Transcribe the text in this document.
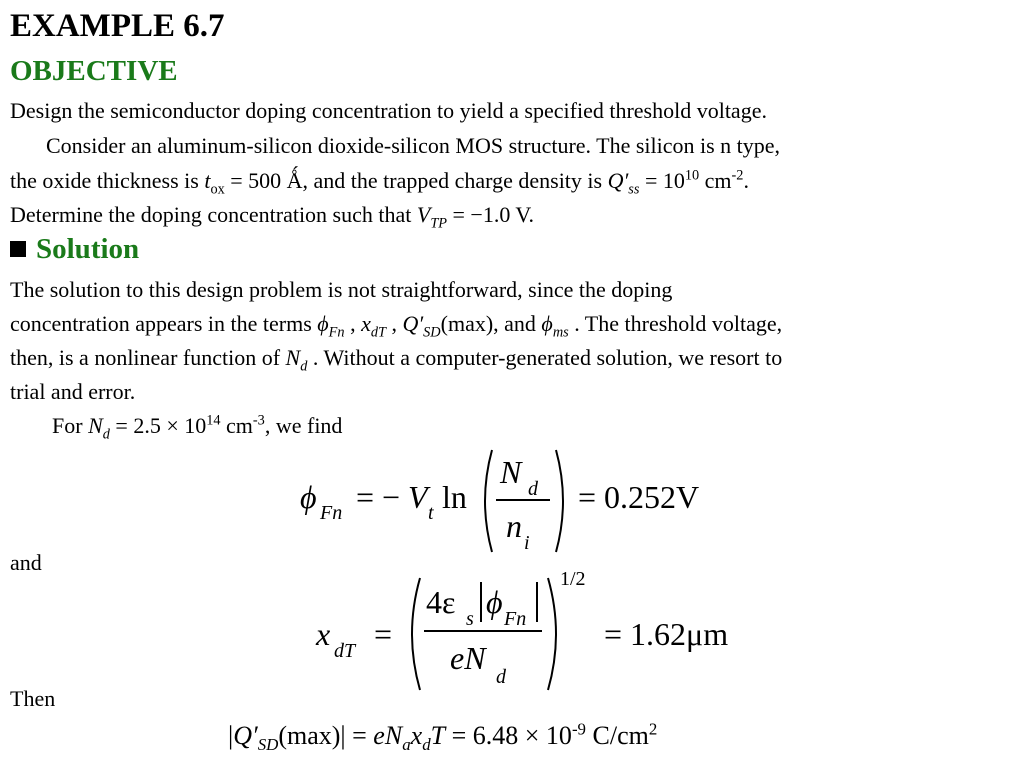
EXAMPLE 6.7
OBJECTIVE
Design the semiconductor doping concentration to yield a specified threshold voltage.
Consider an aluminum-silicon dioxide-silicon MOS structure. The silicon is n type,
the oxide thickness is $t_{ox} = 500$ Ǻ, and the trapped charge density is $Q'_{ss} = 10^{10}$ $cm^{-2}$.
Determine the doping concentration such that $V_{TP} = -1.0$ V.
Solution
The solution to this design problem is not straightforward, since the doping
concentration appears in the terms $\phi_{Fn}$ , $x_{dT}$ , $Q'_{SD}(\max)$, and $\phi_{ms}$ . The threshold voltage,
then, is a nonlinear function of $N_d$ . Without a computer-generated solution, we resort to
trial and error.
For $N_d = 2.5 \times 10^{14}$ $cm^{-3}$, we find
ϕ Fn = − V t ln
N d
n i
= 0.252V
and
x dT =
4ε s ϕ Fn
eN
d
1/2
= 1.62μm
Then
$|Q'_{SD}(\max)| = eN_ax_dT = 6.48 \times 10^{-9}$ $C/cm^2$
